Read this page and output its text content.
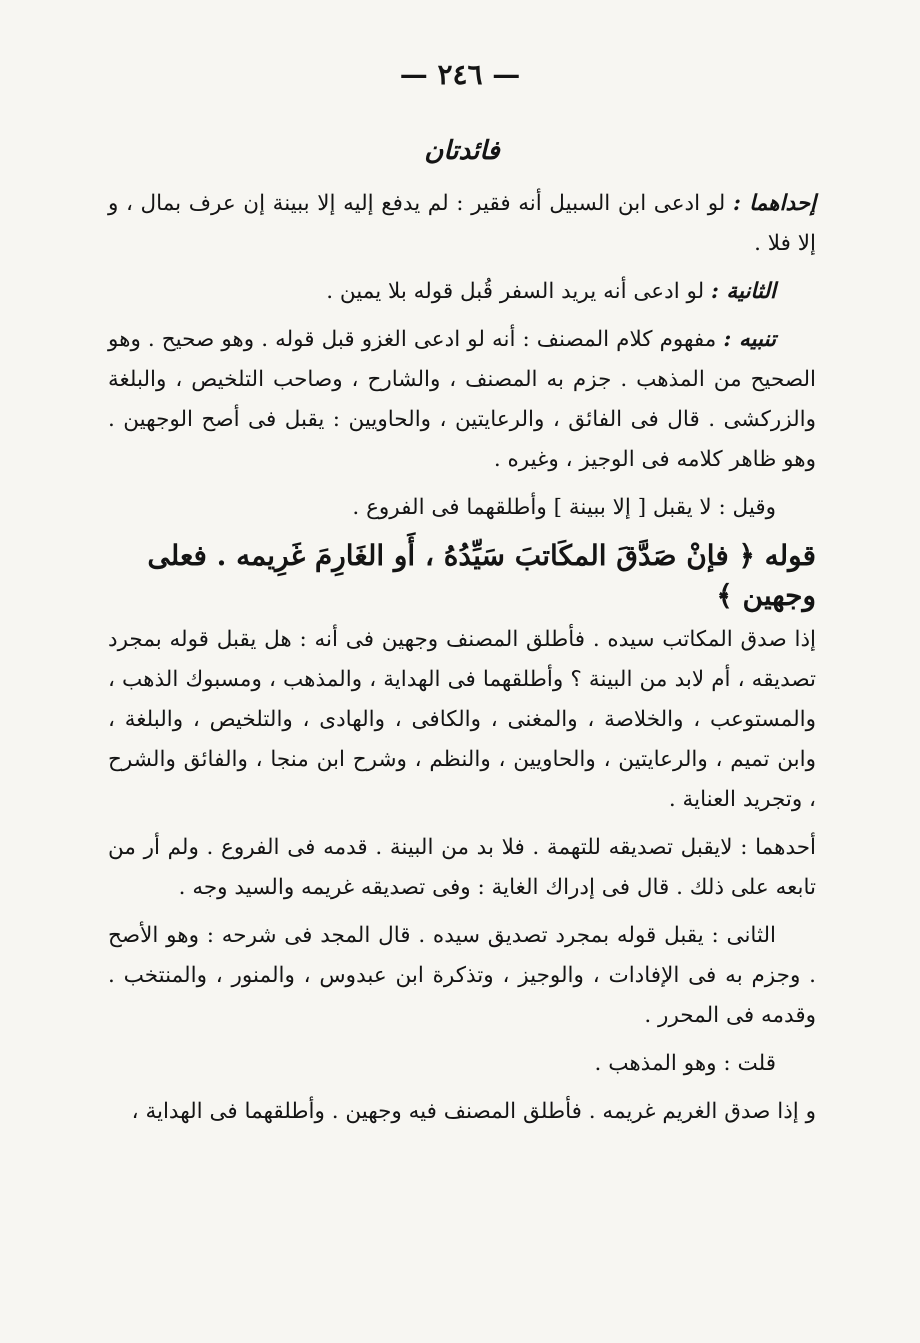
— ٢٤٦ —
فائدتان

إحداهما : لو ادعى ابن السبيل أنه فقير : لم يدفع إليه إلا ببينة إن عرف بمال ، و إلا فلا .

الثانية : لو ادعى أنه يريد السفر قُبل قوله بلا يمين .

تنبيه : مفهوم كلام المصنف : أنه لو ادعى الغزو قبل قوله . وهو صحيح . وهو الصحيح من المذهب . جزم به المصنف ، والشارح ، وصاحب التلخيص ، والبلغة والزركشى . قال فى الفائق ، والرعايتين ، والحاويين : يقبل فى أصح الوجهين . وهو ظاهر كلامه فى الوجيز ، وغيره .

وقيل : لا يقبل [ إلا ببينة ] وأطلقهما فى الفروع .

قوله ﴿ فإنْ صَدَّقَ المكَاتبَ سَيِّدُهُ ، أَو الغَارِمَ غَرِيمه . فعلى وجهين ﴾

إذا صدق المكاتب سيده . فأطلق المصنف وجهين فى أنه : هل يقبل قوله بمجرد تصديقه ، أم لابد من البينة ؟ وأطلقهما فى الهداية ، والمذهب ، ومسبوك الذهب ، والمستوعب ، والخلاصة ، والمغنى ، والكافى ، والهادى ، والتلخيص ، والبلغة ، وابن تميم ، والرعايتين ، والحاويين ، والنظم ، وشرح ابن منجا ، والفائق والشرح ، وتجريد العناية .

أحدهما : لايقبل تصديقه للتهمة . فلا بد من البينة . قدمه فى الفروع . ولم أر من تابعه على ذلك . قال فى إدراك الغاية : وفى تصديقه غريمه والسيد وجه .

الثانى : يقبل قوله بمجرد تصديق سيده . قال المجد فى شرحه : وهو الأصح . وجزم به فى الإفادات ، والوجيز ، وتذكرة ابن عبدوس ، والمنور ، والمنتخب . وقدمه فى المحرر .

قلت : وهو المذهب .

و إذا صدق الغريم غريمه . فأطلق المصنف فيه وجهين . وأطلقهما فى الهداية ،
